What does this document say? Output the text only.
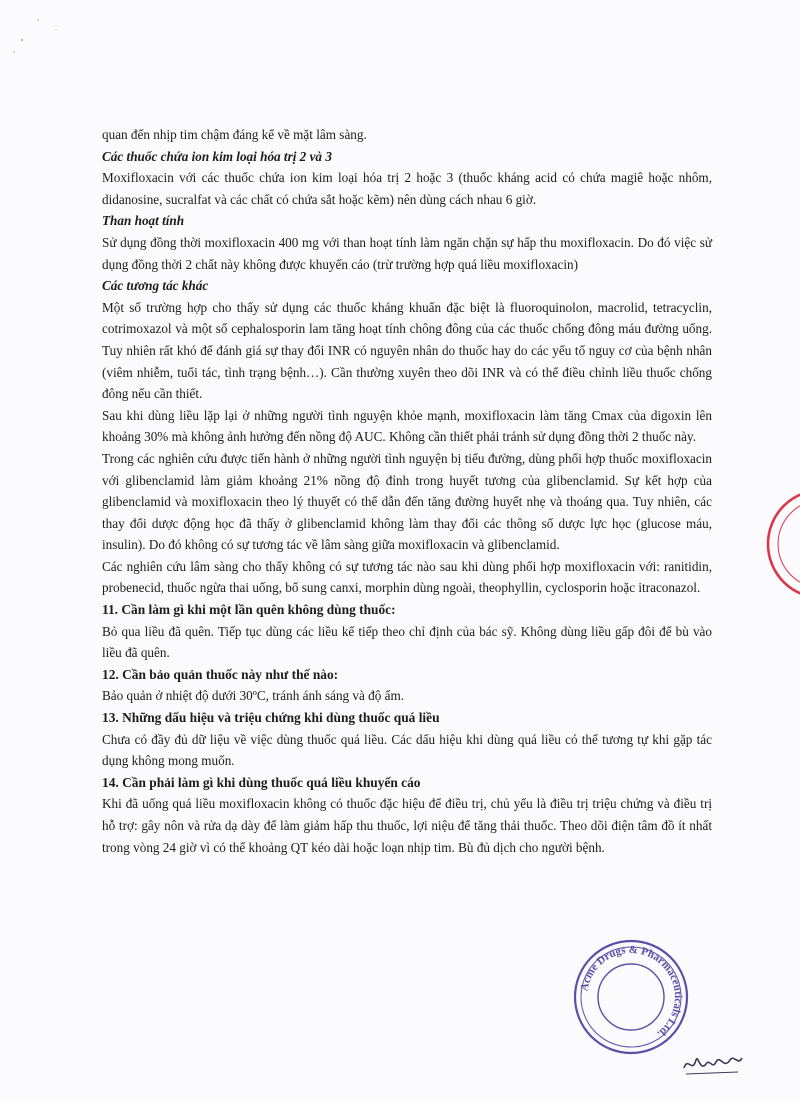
quan đến nhịp tim chậm đáng kể về mặt lâm sàng.

Các thuốc chứa ion kim loại hóa trị 2 và 3

Moxifloxacin với các thuốc chứa ion kim loại hóa trị 2 hoặc 3 (thuốc kháng acid có chứa magiê hoặc nhôm, didanosine, sucralfat và các chất có chứa sắt hoặc kẽm) nên dùng cách nhau 6 giờ.

Than hoạt tính

Sử dụng đồng thời moxifloxacin 400 mg với than hoạt tính làm ngăn chặn sự hấp thu moxifloxacin. Do đó việc sử dụng đồng thời 2 chất này không được khuyến cáo (trừ trường hợp quá liều moxifloxacin)

Các tương tác khác

Một số trường hợp cho thấy sử dụng các thuốc kháng khuẩn đặc biệt là fluoroquinolon, macrolid, tetracyclin, cotrimoxazol và một số cephalosporin lam tăng hoạt tính chông đông của các thuốc chống đông máu đường uống. Tuy nhiên rất khó để đánh giá sự thay đổi INR có nguyên nhân do thuốc hay do các yếu tố nguy cơ của bệnh nhân (viêm nhiễm, tuổi tác, tình trạng bệnh…). Cần thường xuyên theo dõi INR và có thể điều chỉnh liều thuốc chống đông nếu cần thiết.

Sau khi dùng liều lặp lại ở những người tình nguyện khỏe mạnh, moxifloxacin làm tăng Cmax của digoxin lên khoảng 30% mà không ảnh hưởng đến nồng độ AUC. Không cần thiết phải tránh sử dụng đồng thời 2 thuốc này.

Trong các nghiên cứu được tiến hành ở những người tình nguyện bị tiểu đường, dùng phối hợp thuốc moxifloxacin với glibenclamid làm giảm khoảng 21% nồng độ đỉnh trong huyết tương của glibenclamid. Sự kết hợp của glibenclamid và moxifloxacin theo lý thuyết có thể dẫn đến tăng đường huyết nhẹ và thoáng qua. Tuy nhiên, các thay đổi dược động học đã thấy ở glibenclamid không làm thay đổi các thông số dược lực học (glucose máu, insulin). Do đó không có sự tương tác về lâm sàng giữa moxifloxacin và glibenclamid.

Các nghiên cứu lâm sàng cho thấy không có sự tương tác nào sau khi dùng phối hợp moxifloxacin với: ranitidin, probenecid, thuốc ngừa thai uống, bổ sung canxi, morphin dùng ngoài, theophyllin, cyclosporin hoặc itraconazol.

11. Cần làm gì khi một lần quên không dùng thuốc:

Bỏ qua liều đã quên. Tiếp tục dùng các liều kế tiếp theo chỉ định của bác sỹ. Không dùng liều gấp đôi để bù vào liều đã quên.

12. Cần bảo quản thuốc này như thế nào:

Bảo quản ở nhiệt độ dưới 30ºC, tránh ánh sáng và độ ẩm.

13. Những dấu hiệu và triệu chứng khi dùng thuốc quá liều

Chưa có đầy đủ dữ liệu về việc dùng thuốc quá liều. Các dấu hiệu khi dùng quá liều có thể tương tự khi gặp tác dụng không mong muốn.

14. Cần phải làm gì khi dùng thuốc quá liều khuyến cáo

Khi đã uống quá liều moxifloxacin không có thuốc đặc hiệu để điều trị, chủ yếu là điều trị triệu chứng và điều trị hỗ trợ: gây nôn và rửa dạ dày để làm giảm hấp thu thuốc, lợi niệu để tăng thải thuốc. Theo dõi điện tâm đồ ít nhất trong vòng 24 giờ vì có thể khoảng QT kéo dài hoặc loạn nhịp tim. Bù đủ dịch cho người bệnh.

Acme Drugs & Pharmaceuticals Ltd.
